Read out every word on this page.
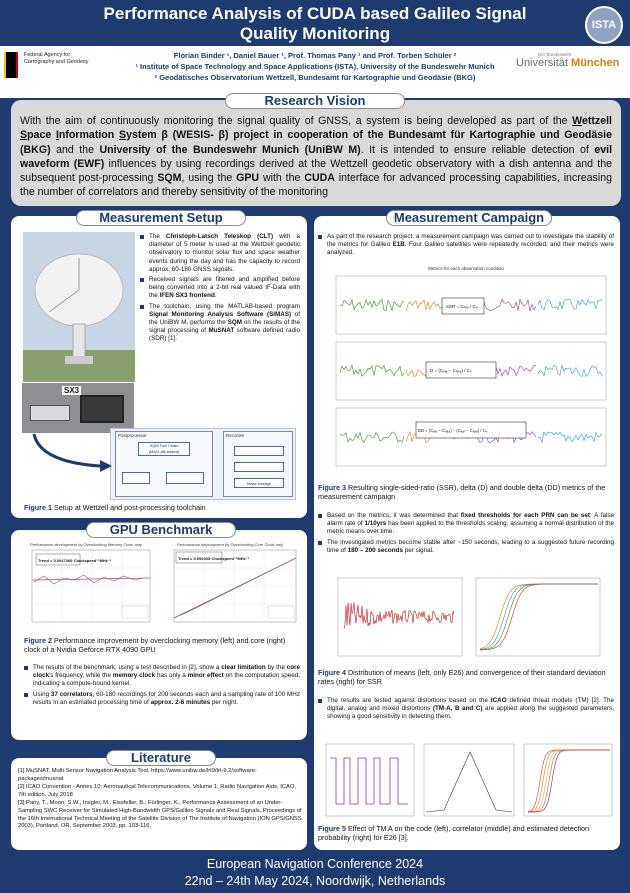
Performance Analysis of CUDA based Galileo Signal
Quality Monitoring	ISTA
Federal Agency for Cartography and Geodesy
Florian Binder ¹, Daniel Bauer ¹, Prof. Thomas Pany ¹ and Prof. Torben Schüler ²
¹ Institute of Space Technology and Space Applications (ISTA), University of the Bundeswehr Munich
² Geodätisches Observatorium Wettzell, Bundesamt für Kartographie und Geodäsie (BKG)
Der Bundeswehr
Universität München
Research Vision
With the aim of continuously monitoring the signal quality of GNSS, a system is being developed as part of the Wettzell Space Information System β (WESIS- β) project in cooperation of the Bundesamt für Kartographie und Geodäsie (BKG) and the University of the Bundeswehr Munich (UniBW M). It is intended to ensure reliable detection of evil waveform (EWF) influences by using recordings derived at the Wettzell geodetic observatory with a dish antenna and the subsequent post-processing SQM, using the GPU with the CUDA interface for advanced processing capabilities, increasing the number of correlators and thereby sensitivity of the monitoring
Measurement Setup
The Christoph-Latsch Teleskop (CLT) with a diameter of 5 meter is used at the Wettzell geodetic observatory to monitor solar flux and space weather events during the day and has the capacity to record approx. 60-180 GNSS signals.
Received signals are filtered and amplified before being converted into a 2-bit real valued IF-Data with the IFEN SX3 frontend.
The toolchain, using the MATLAB-based program Signal Monitoring Analysis Software (SiMAS) of the UniBW M, performs the SQM on the results of the signal processing of MuSNAT software defined radio (SDR) [1].
SX3
Postprocessor
SQM Tool Chain
(MATLAB-based)
Recorder
Mass storage
Figure 1 Setup at Wettzell and post-processing toolchain
GPU Benchmark
Performance development by Overclocking Memory Clock only
Trend = 0.0047366·Clockspeed⁻¹MHz⁻¹
Performance development by Overclocking Core Clock only
Trend = 0.092033·Clockspeed⁻¹MHz⁻¹
Figure 2 Performance improvement by overclocking memory (left) and core (right) clock of a Nvidia Geforce RTX 4090 GPU
The results of the benchmark, using a test described in [2], show a clear limitation by the core clock's frequency, while the memory clock has only a minor effect on the computation speed, indicating a compute-bound kernel.
Using 37 correlators, 60-180 recordings for 200 seconds each and a sampling rate of 100 MHz results in an estimated processing time of approx. 2-6 minutes per night.
Literature

[1] MuSNAT, Multi Sensor Navigation Analysis Tool, https://www.unibw.de/lrt9/lrt-9.2/software-packages/musnat

[2] ICAO Convention - Annex 10: Aeronautical Telecommunications, Volume 1: Radio Navigation Aids, ICAO, 7th edition, July 2018

[3] Pany, T., Moon, S.W., Irsigler, M., Eissfeller, B., Fürlinger, K., Performance Assessment of an Under-Sampling SWC Receiver for Simulated High-Bandwidth GPS/Galileo Signals and Real Signals, Proceedings of the 16th International Technical Meeting of the Satellite Division of The Institute of Navigation (ION GPS/GNSS 2003), Portland, OR, September 2003, pp. 103-116.

Measurement Campaign
As part of the research project, a measurement campaign was carried out to investigate the stability of the metrics for Galileo E1B. Four Galileo satellites were repeatedly recorded, and their metrics were analyzed.
Metrics for each observation condition
SSR = Cₙₒₑ / Cₚ
D = (Cₑₐᵣ − Cₗₐₜₑ) / Cₚ
DD = (Cₑₐᵣ − Cₗₐₜₑ) − (Cₑₐᵣ − Cₗₐₜₑ) / Cₚ
Figure 3 Resulting single-sided-ratio (SSR), delta (D) and double delta (DD) metrics of the measurement campaign
Based on the metrics, it was determined that fixed thresholds for each PRN can be set. A false alarm rate of 1/10yrs has been applied to the thresholds scaling, assuming a normal distribution of the metric means over time.
The investigated metrics become stable after ~150 seconds, leading to a suggested future recording time of 180 – 200 seconds per signal.
Figure 4 Distribution of means (left, only E26) and convergence of their standard deviation rates (right) for SSR
The results are tested against distortions based on the ICAO defined threat models (TM) [2]. The digital, analog and mixed distortions (TM-A, B and C) are applied along the suggested parameters, showing a good sensitivity in detecting them.
Figure 5 Effect of TM A on the code (left), correlator (middle) and estimated detection probability (right) for E26 [3].
European Navigation Conference 2024
22nd – 24th May 2024, Noordwijk, Netherlands
